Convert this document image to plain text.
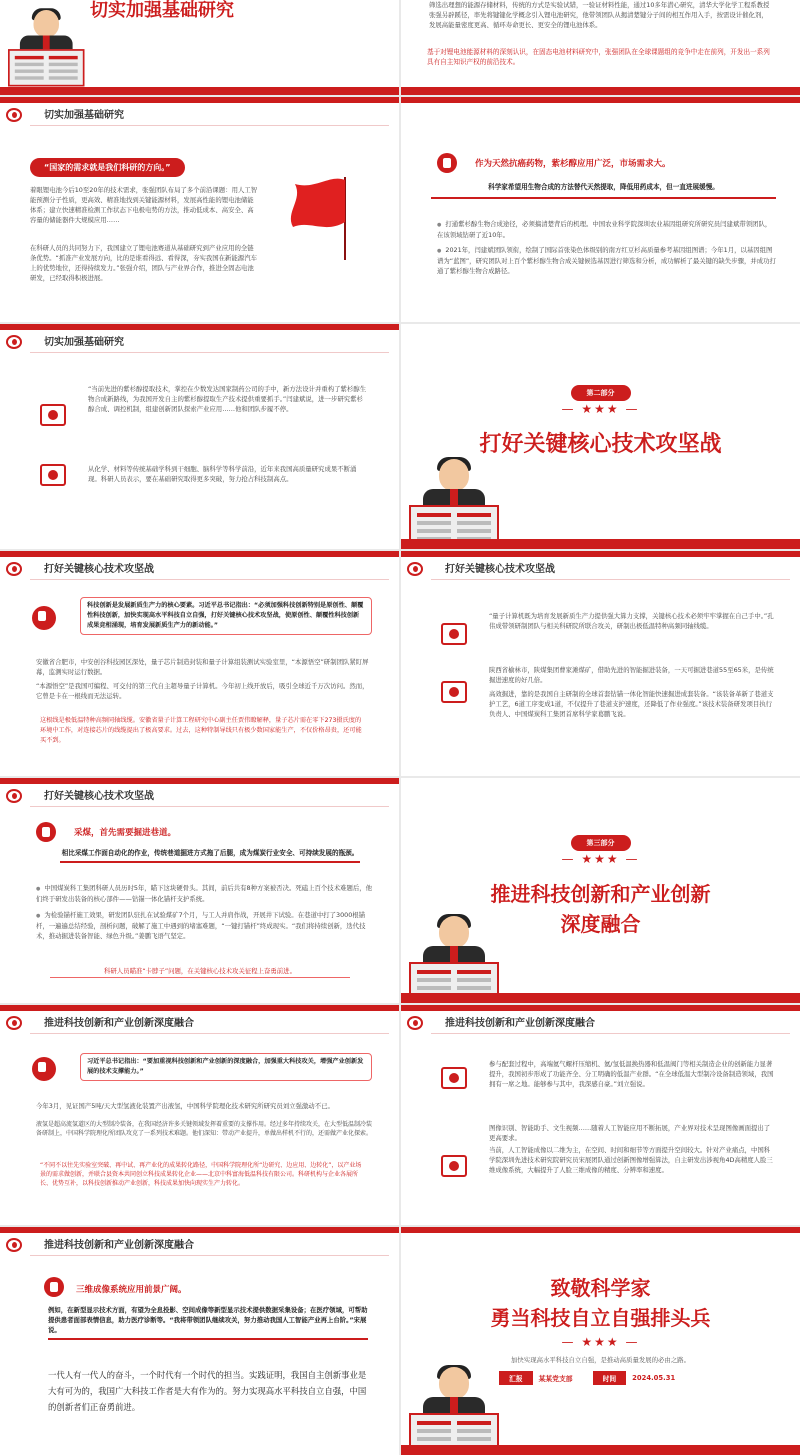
切实加强基础研究	筛选出理想的能源存储材料，传统的方式是实验试错，一验证材料性能，通过10多年潜心研究，清华大学化学工程系教授张强另辟蹊径，率先将键键化学概念引入锂电池研究，他带领团队从揭清楚键分子间的相互作用入手，按需设计催化剂，发展高能量密度更高、循环寿命更长、更安全的锂电池体系。
基于对锂电池能源材料的深刻认识，在固态电池材料研究中，张强团队在全球课题组的竞争中走在前列，开发出一系列具有自主知识产权的前沿技术。
切实加强基础研究
“国家的需求就是我们科研的方向。”
着眼锂电池今后10至20年的技术需求，张强团队布局了多个前沿课题：用人工智能预测分子性质，更高效、精准地找到关键能源材料，发展高性能的锂电池储能体系；建立快速精准检测工作状态下电极电势的方法，推动低成本、高安全、高容量的储能器件大规模应用……
在科研人员的共同努力下，我国建立了锂电池赛道从基础研究到产业应用的全链条优势。“抓准产业发展方向，比的是谁看得远、看得深，夯实我国在新能源汽车上的优势地位，还得持续发力。”张强介绍，团队与产业界合作，推进全固态电池研发，已经取得积极进展。
作为天然抗癌药物，紫杉醇应用广泛，市场需求大。
科学家希望用生物合成的方法替代天然提取，降低用药成本，但一直进展缓慢。
● 打通紫杉醇生物合成途径，必须搞清楚背后的机理。中国农业科学院深圳农业基因组研究所研究员闫建斌带领团队，在该领域钻研了近10年。
● 2021年，闫建斌团队领衔，绘制了国际首张染色体级别的南方红豆杉高质量参考基因组图谱；今年1月，以基因组图谱为“蓝图”，研究团队对上百个紫杉醇生物合成关键候选基因进行筛选和分析，成功解析了最关键的缺失步骤，并成功打通了紫杉醇生物合成路径。
切实加强基础研究
“当前先进的紫杉醇提取技术，掌控在少数发达国家制药公司的手中，新方法设计并重构了紫杉醇生物合成新路线，为我国开发自主的紫杉醇提取生产技术提供重要抓手。”闫建斌说，进一步研究紫杉醇合成、调控机制，组建创新团队探索产业应用……他和团队步履不停。
从化学、材料等传统基础学科到干细胞、脑科学等科学前沿，近年来我国高质量研究成果不断涌现。科研人员表示，要在基础研究取得更多突破，努力抢占科技制高点。
第二部分
— ★★★ —
打好关键核心技术攻坚战
打好关键核心技术攻坚战
科技创新是发展新质生产力的核心要素。习近平总书记指出：“必须加强科技创新特别是原创性、颠覆性科技创新，加快实现高水平科技自立自强，打好关键核心技术攻坚战，使原创性、颠覆性科技创新成果竞相涌现，培育发展新质生产力的新动能。”
安徽省合肥市，中安创谷科技园区深处，量子芯片制造封装和量子计算组装测试实验室里，“本源悟空”研制团队紧盯屏幕，监测实时运行数据。
“本源悟空”是我国可编程、可交付的第三代自主超导量子计算机。今年初上线开放后，吸引全球近千万次访问。然而，它曾是卡在一根线而无法运转。
这根线是极低温特种高频同轴线缆。安徽省量子计算工程研究中心副主任贾伟瞭解释，量子芯片需在零下273摄氏度的环境中工作，对连接芯片的线缆提出了极高要求。过去，这种特制导线只有极少数国家能生产，不仅价格昂贵，还可能买不到。
打好关键核心技术攻坚战
“量子计算机既为培育发展新质生产力提供强大算力支撑，关键核心技术必须牢牢掌握在自己手中。”孔伟成带领研制团队与相关科研院所联合攻关，研制出极低温特种高频同轴线缆。
陕西省榆林市，陕煤集团曹家滩煤矿，借助先进的智能掘进装备，一天可掘进巷道55至65米，是传统掘进速度的好几倍。
高效掘进，靠的是我国自主研制的全球首套钻锚一体化智能快速掘进成套装备。“该装备革新了巷道支护工艺，6道工序变成1道，不仅提升了巷道支护速度，还降低了作业强度。”该技术装备研发项目执行负责人、中国煤炭科工集团首席科学家葛鹏飞说。
打好关键核心技术攻坚战
采煤，首先需要掘进巷道。
相比采煤工作面自动化的作业，传统巷道掘进方式拖了后腿，成为煤炭行业安全、可持续发展的瓶颈。
● 中国煤炭科工集团科研人员历时5年，瞄下这块硬骨头。其间，前后共有8种方案被否决。死磕上百个技术难题后，他们终于研发出装备的核心部件——钻锚一体化锚杆支护系统。
● 为检验锚杆施工效果，研发团队驻扎在试验煤矿7个月，与工人并肩作战，开展井下试验。在巷道中打了3000根锚杆，一遍遍总结经验，剖析问题，破解了施工中遇到的堵塞难题，“一键打锚杆”终成现实。“我们将持续创新，迭代技术，推动掘进装备智能、绿色升级。”姜鹏飞语气坚定。
科研人员瞄准“卡脖子”问题，在关键核心技术攻关征程上奋勇前进。
第三部分
— ★★★ —
推进科技创新和产业创新
深度融合
推进科技创新和产业创新深度融合
习近平总书记指出：“要加重视科技创新和产业创新的深度融合，加强重大科技攻关，增强产业创新发展的技术支撑能力。”
今年3月，见证国产5吨/天大型氢液化装置产出液氢，中国科学院理化技术研究所研究员刘立强激动不已。
液氢是超高流氢道区的大型制冷装备，在我国经济许多关键领域发挥着重要的支撑作用。经过多年持续攻关，在大型低温制冷装备研制上，中国科学院理化所团队攻克了一系列技术难题。他们深知：带动产业提升，单做出样机不行的，还需做产业化探索。
“不同不以往先实验室突破、再中试、再产业化的成果转化路径，中国科学院理化所“边研究、边应用、边转化”，以产业场景的需求做创新，并联合县资本共同创立科技成果转化企业——北京中科富海低温科技有限公司。科研机构与企业各展所长、优势互补，以科技创新推动产业创新，科技成果加快向现实生产力转化。
推进科技创新和产业创新深度融合
参与配套过程中，高端氦气螺杆压缩机、氦/氢低温换热器和低温阀门等相关制造企业的创新能力显著提升，我国初步形成了功能齐全、分工明确的低温产业群。“在全球低温大型制冷设备制造领域，我国拥有一席之地。能够参与其中，我深感自豪。”刘立强说。
图像识别、智能助手、文生视频……随着人工智能应用不断拓展，产业界对技术呈现图像画面提出了更高要求。
当前，人工智能成像以二维为主，在空间、时间和细节等方面提升空间较大。针对产业痛点，中国科学院深圳先进技术研究院研究员宋展团队通过创新图像增强算法，自主研发出涉视角4D高精度人脸三维成像系统，大幅提升了人脸三维成像的精度、分辨率和速度。
推进科技创新和产业创新深度融合
三维成像系统应用前景广阔。
例如，在新型显示技术方面，有望为全息投影、空间成像等新型显示技术提供数据采集设备；在医疗领域，可帮助提供患者面部表情信息，助力医疗诊断等。“我将带领团队继续攻关，努力推动我国人工智能产业再上台阶。”宋展说。
一代人有一代人的奋斗，一个时代有一个时代的担当。实践证明，我国自主创新事业是大有可为的，我国广大科技工作者是大有作为的。努力实现高水平科技自立自强，中国的创新者们正奋勇前进。
致敬科学家
勇当科技自立自强排头兵
— ★★★ —
加快实现高水平科技自立自强，是推动高质量发展的必由之路。
汇报	某某党支部	时间	2024.05.31
